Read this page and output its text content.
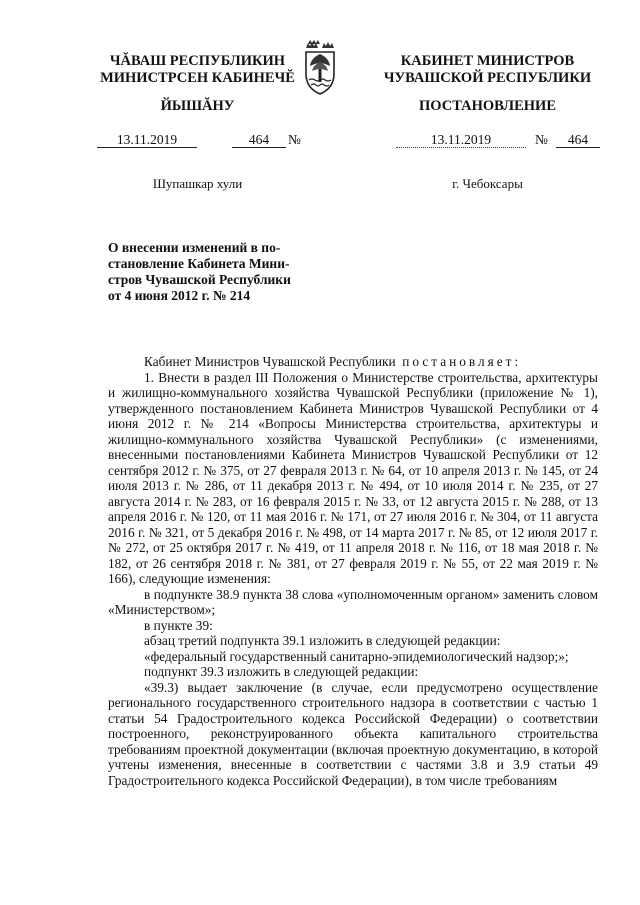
ЧĂВАШ РЕСПУБЛИКИН
МИНИСТРСЕН КАБИНЕЧĔ
ЙЫШĂНУ
КАБИНЕТ МИНИСТРОВ
ЧУВАШСКОЙ РЕСПУБЛИКИ
ПОСТАНОВЛЕНИЕ
13.11.2019	464	№	13.11.2019	№	464
Шупашкар хули	г. Чебоксары
О внесении изменений в по-
становление Кабинета Мини-
стров Чувашской Республики
от 4 июня 2012 г. № 214

Кабинет Министров Чувашской Республики постановляет:

1. Внести в раздел III Положения о Министерстве строительства, архитектуры и жилищно-коммунального хозяйства Чувашской Республики (приложение № 1), утвержденного постановлением Кабинета Министров Чувашской Республики от 4 июня 2012 г. № 214 «Вопросы Министерства строительства, архитектуры и жилищно-коммунального хозяйства Чувашской Республики» (с изменениями, внесенными постановлениями Кабинета Министров Чувашской Республики от 12 сентября 2012 г. № 375, от 27 февраля 2013 г. № 64, от 10 апреля 2013 г. № 145, от 24 июля 2013 г. № 286, от 11 декабря 2013 г. № 494, от 10 июля 2014 г. № 235, от 27 августа 2014 г. № 283, от 16 февраля 2015 г. № 33, от 12 августа 2015 г. № 288, от 13 апреля 2016 г. № 120, от 11 мая 2016 г. № 171, от 27 июля 2016 г. № 304, от 11 августа 2016 г. № 321, от 5 декабря 2016 г. № 498, от 14 марта 2017 г. № 85, от 12 июля 2017 г. № 272, от 25 октября 2017 г. № 419, от 11 апреля 2018 г. № 116, от 18 мая 2018 г. № 182, от 26 сентября 2018 г. № 381, от 27 февраля 2019 г. № 55, от 22 мая 2019 г. № 166), следующие изменения:

в подпункте 38.9 пункта 38 слова «уполномоченным органом» заменить словом «Министерством»;

в пункте 39:

абзац третий подпункта 39.1 изложить в следующей редакции:

«федеральный государственный санитарно-эпидемиологический надзор;»;

подпункт 39.3 изложить в следующей редакции:

«39.3) выдает заключение (в случае, если предусмотрено осуществление регионального государственного строительного надзора в соответствии с частью 1 статьи 54 Градостроительного кодекса Российской Федерации) о соответствии построенного, реконструированного объекта капитального строительства требованиям проектной документации (включая проектную документацию, в которой учтены изменения, внесенные в соответствии с частями 3.8 и 3.9 статьи 49 Градостроительного кодекса Российской Федерации), в том числе требованиям
